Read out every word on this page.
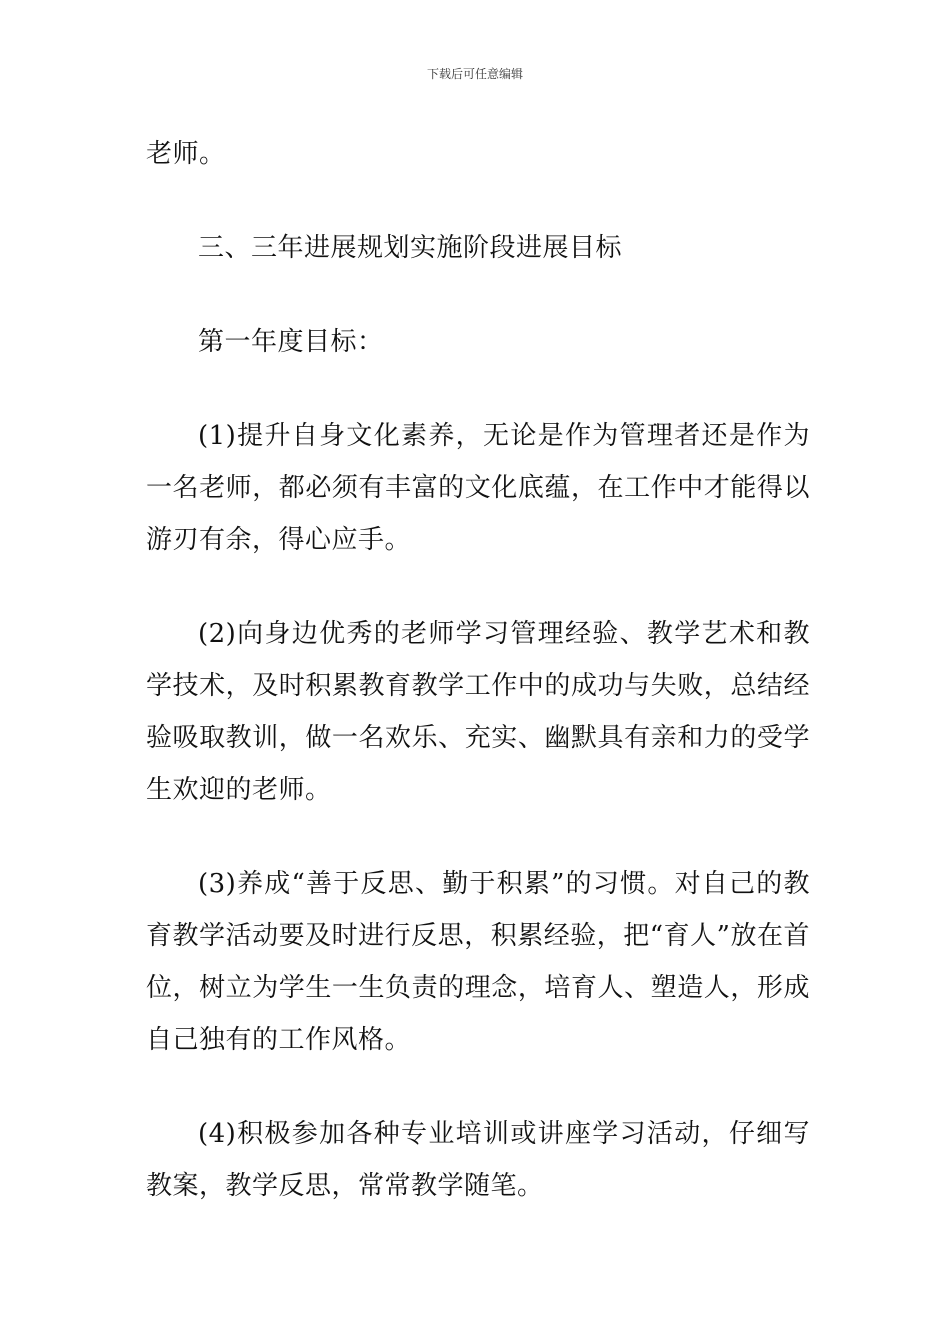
下载后可任意编辑

老师。

三、三年进展规划实施阶段进展目标

第一年度目标：

(1)提升自身文化素养，无论是作为管理者还是作为一名老师，都必须有丰富的文化底蕴，在工作中才能得以游刃有余，得心应手。

(2)向身边优秀的老师学习管理经验、教学艺术和教学技术，及时积累教育教学工作中的成功与失败，总结经验吸取教训，做一名欢乐、充实、幽默具有亲和力的受学生欢迎的老师。

(3)养成“善于反思、勤于积累”的习惯。对自己的教育教学活动要及时进行反思，积累经验，把“育人”放在首位，树立为学生一生负责的理念，培育人、塑造人，形成自己独有的工作风格。

(4)积极参加各种专业培训或讲座学习活动，仔细写教案，教学反思，常常教学随笔。
